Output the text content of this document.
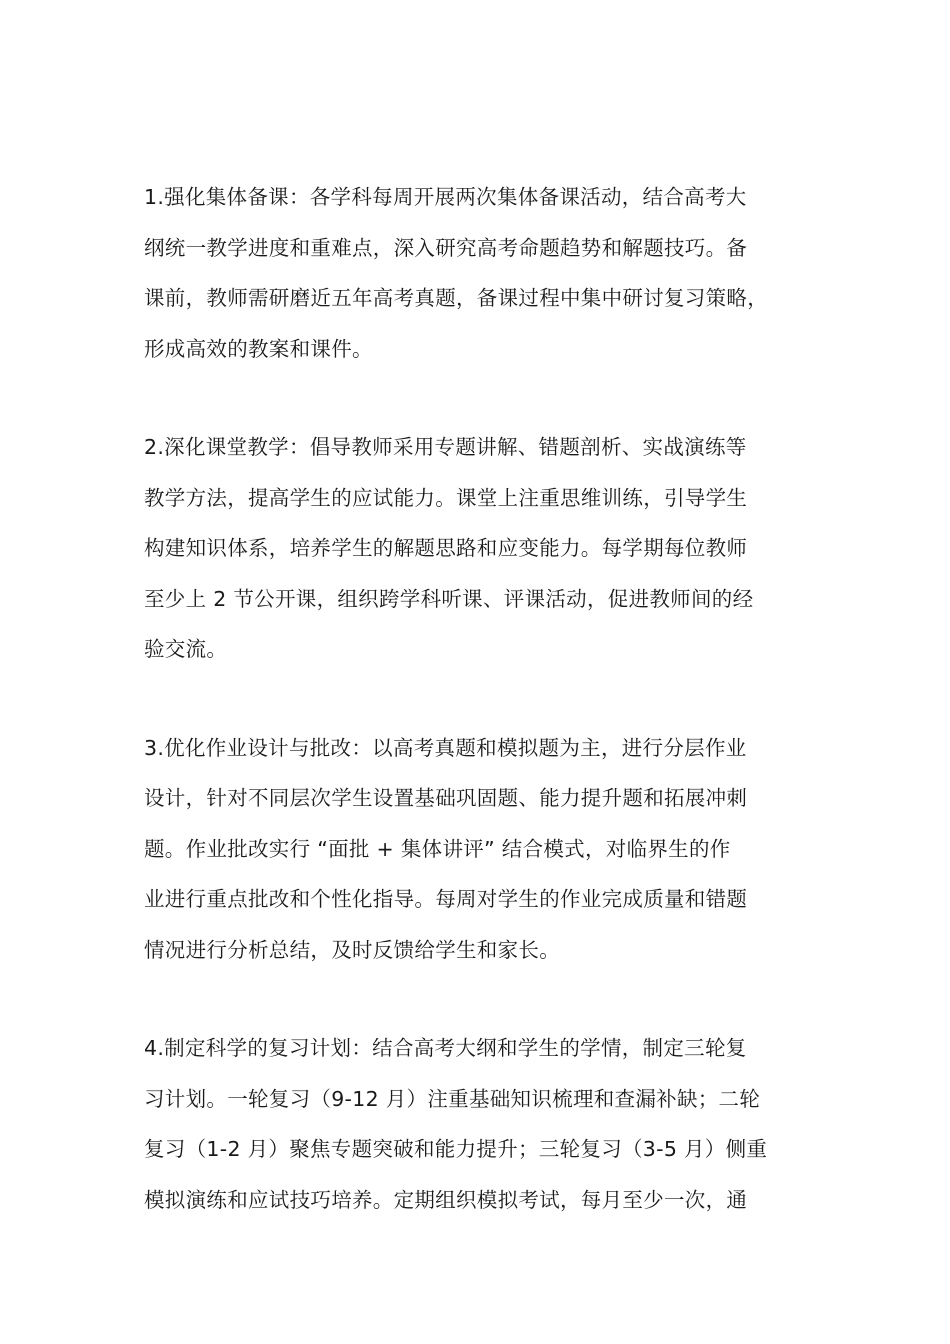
1.强化集体备课：各学科每周开展两次集体备课活动，结合高考大
纲统一教学进度和重难点，深入研究高考命题趋势和解题技巧。备
课前，教师需研磨近五年高考真题，备课过程中集中研讨复习策略，
形成高效的教案和课件。

2.深化课堂教学：倡导教师采用专题讲解、错题剖析、实战演练等
教学方法，提高学生的应试能力。课堂上注重思维训练，引导学生
构建知识体系，培养学生的解题思路和应变能力。每学期每位教师
至少上 2 节公开课，组织跨学科听课、评课活动，促进教师间的经
验交流。

3.优化作业设计与批改：以高考真题和模拟题为主，进行分层作业
设计，针对不同层次学生设置基础巩固题、能力提升题和拓展冲刺
题。作业批改实行 “面批 + 集体讲评” 结合模式，对临界生的作
业进行重点批改和个性化指导。每周对学生的作业完成质量和错题
情况进行分析总结，及时反馈给学生和家长。

4.制定科学的复习计划：结合高考大纲和学生的学情，制定三轮复
习计划。一轮复习（9-12 月）注重基础知识梳理和查漏补缺；二轮
复习（1-2 月）聚焦专题突破和能力提升；三轮复习（3-5 月）侧重
模拟演练和应试技巧培养。定期组织模拟考试，每月至少一次，通
